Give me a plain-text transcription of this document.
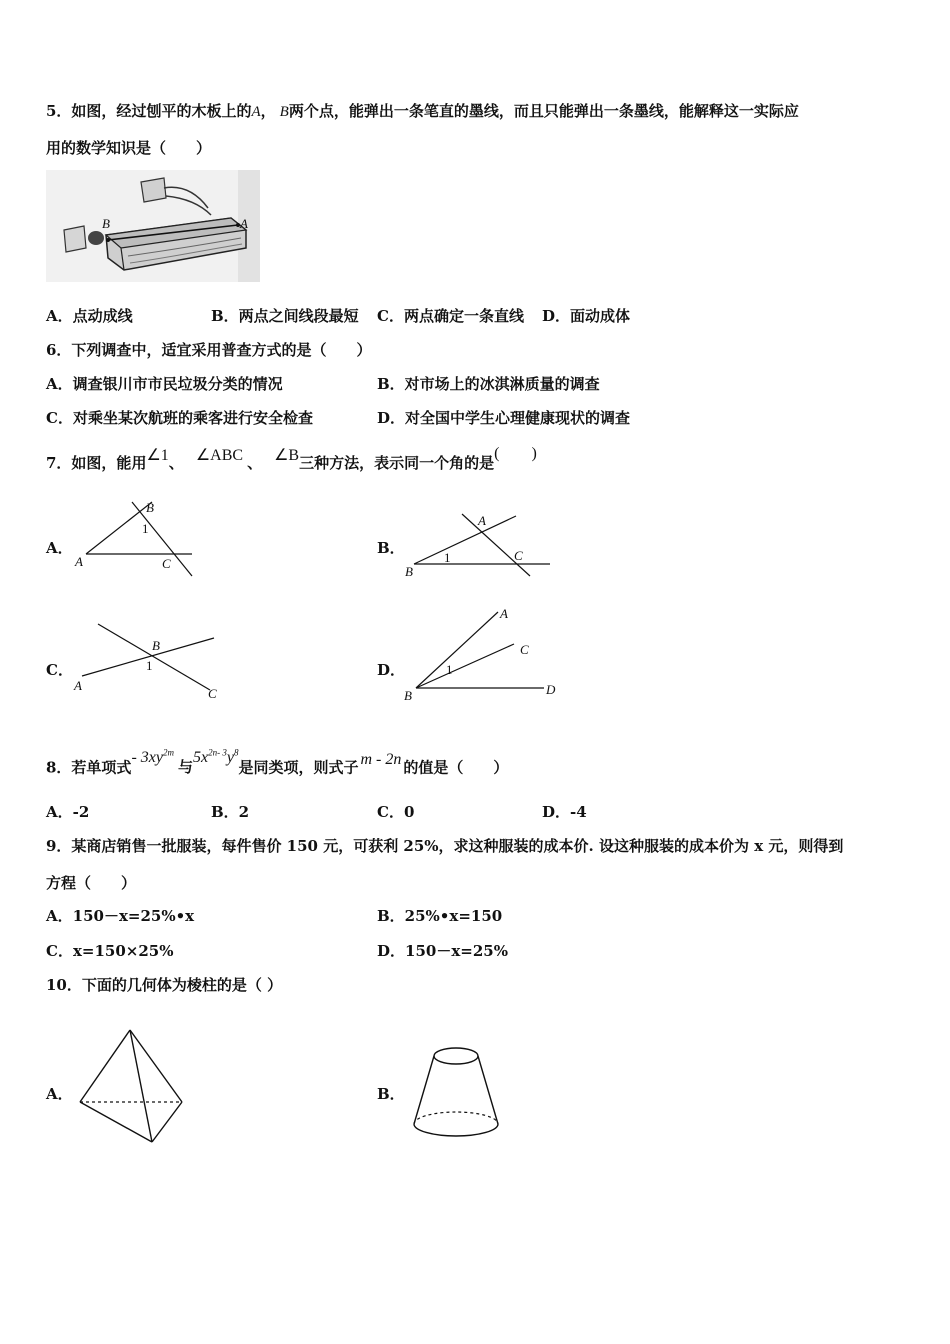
5．如图，经过刨平的木板上的A， B两个点，能弹出一条笔直的墨线，而且只能弹出一条墨线，能解释这一实际应
用的数学知识是（　　）
B	A
A．点动成线	B．两点之间线段最短 C．两点确定一条直线 D．面动成体
6．下列调查中，适宜采用普查方式的是（　　）
A．调查银川市市民垃圾分类的情况	B．对市场上的冰淇淋质量的调查
C．对乘坐某次航班的乘客进行安全检查	D．对全国中学生心理健康现状的调查
7．如图，能用∠1、 ∠ABC 、 ∠B三种方法，表示同一个角的是(　　)
A．
B
1
A	C
B．
A
1
B
C
C．
B
1
A
C
D．
A
C
1
B	D
8．若单项式- $3xy^{2m}$与$5x^{2n- 3}y^8$是同类项，则式子 m - 2n 的值是（　　）
A．-2	B．2	C．0	D．-4
9．某商店销售一批服装，每件售价 150 元，可获利 25%，求这种服装的成本价. 设这种服装的成本价为 x 元，则得到
方程（　　）
A．150－x=25%•x	B．25%•x=150
C．x=150×25%	D．150－x=25%
10．下面的几何体为棱柱的是（ ）
A．	B．
